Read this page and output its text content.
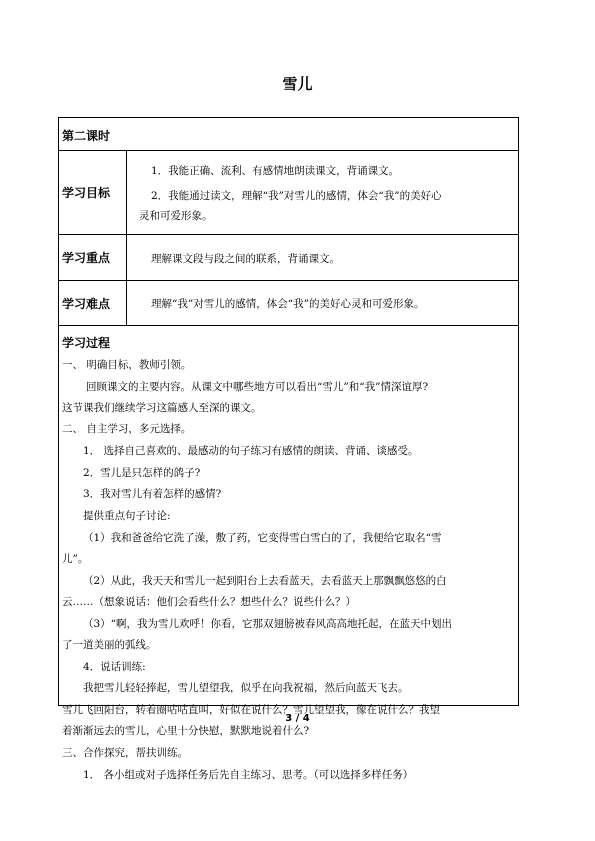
雪儿
第二课时
学习目标
1．我能正确、流利、有感情地朗读课文，背诵课文。
2．我能通过读文，理解“我”对雪儿的感情，体会“我”的美好心
灵和可爱形象。
学习重点	理解课文段与段之间的联系，背诵课文。
学习难点	理解“我”对雪儿的感情，体会“我”的美好心灵和可爱形象。
学习过程
一、 明确目标，教师引领。
回顾课文的主要内容。从课文中哪些地方可以看出“雪儿”和“我”情深谊厚?
这节课我们继续学习这篇感人至深的课文。
二、 自主学习，多元选择。
1． 选择自己喜欢的、最感动的句子练习有感情的朗读、背诵、谈感受。
2．雪儿是只怎样的鸽子?
3．我对雪儿有着怎样的感情?
提供重点句子讨论:
（1）我和爸爸给它洗了澡，敷了药，它变得雪白雪白的了，我便给它取名“雪
儿”。
（2）从此，我天天和雪儿一起到阳台上去看蓝天，去看蓝天上那飘飘悠悠的白
云……（想象说话：他们会看些什么？想些什么？说些什么？）
（3）“啊，我为雪儿欢呼！你看，它那双翅膀被春风高高地托起，在蓝天中划出
了一道美丽的弧线。
4．说话训练:
我把雪儿轻轻捧起，雪儿望望我，似乎在向我祝福，然后向蓝天飞去。
雪儿飞回阳台，转着圈咕咕直叫，好似在说什么？雪儿望望我，像在说什么？我望
着渐渐远去的雪儿，心里十分快慰，默默地说着什么?
三、合作探究，帮扶训练。
1． 各小组或对子选择任务后先自主练习、思考。（可以选择多样任务）
3 / 4
